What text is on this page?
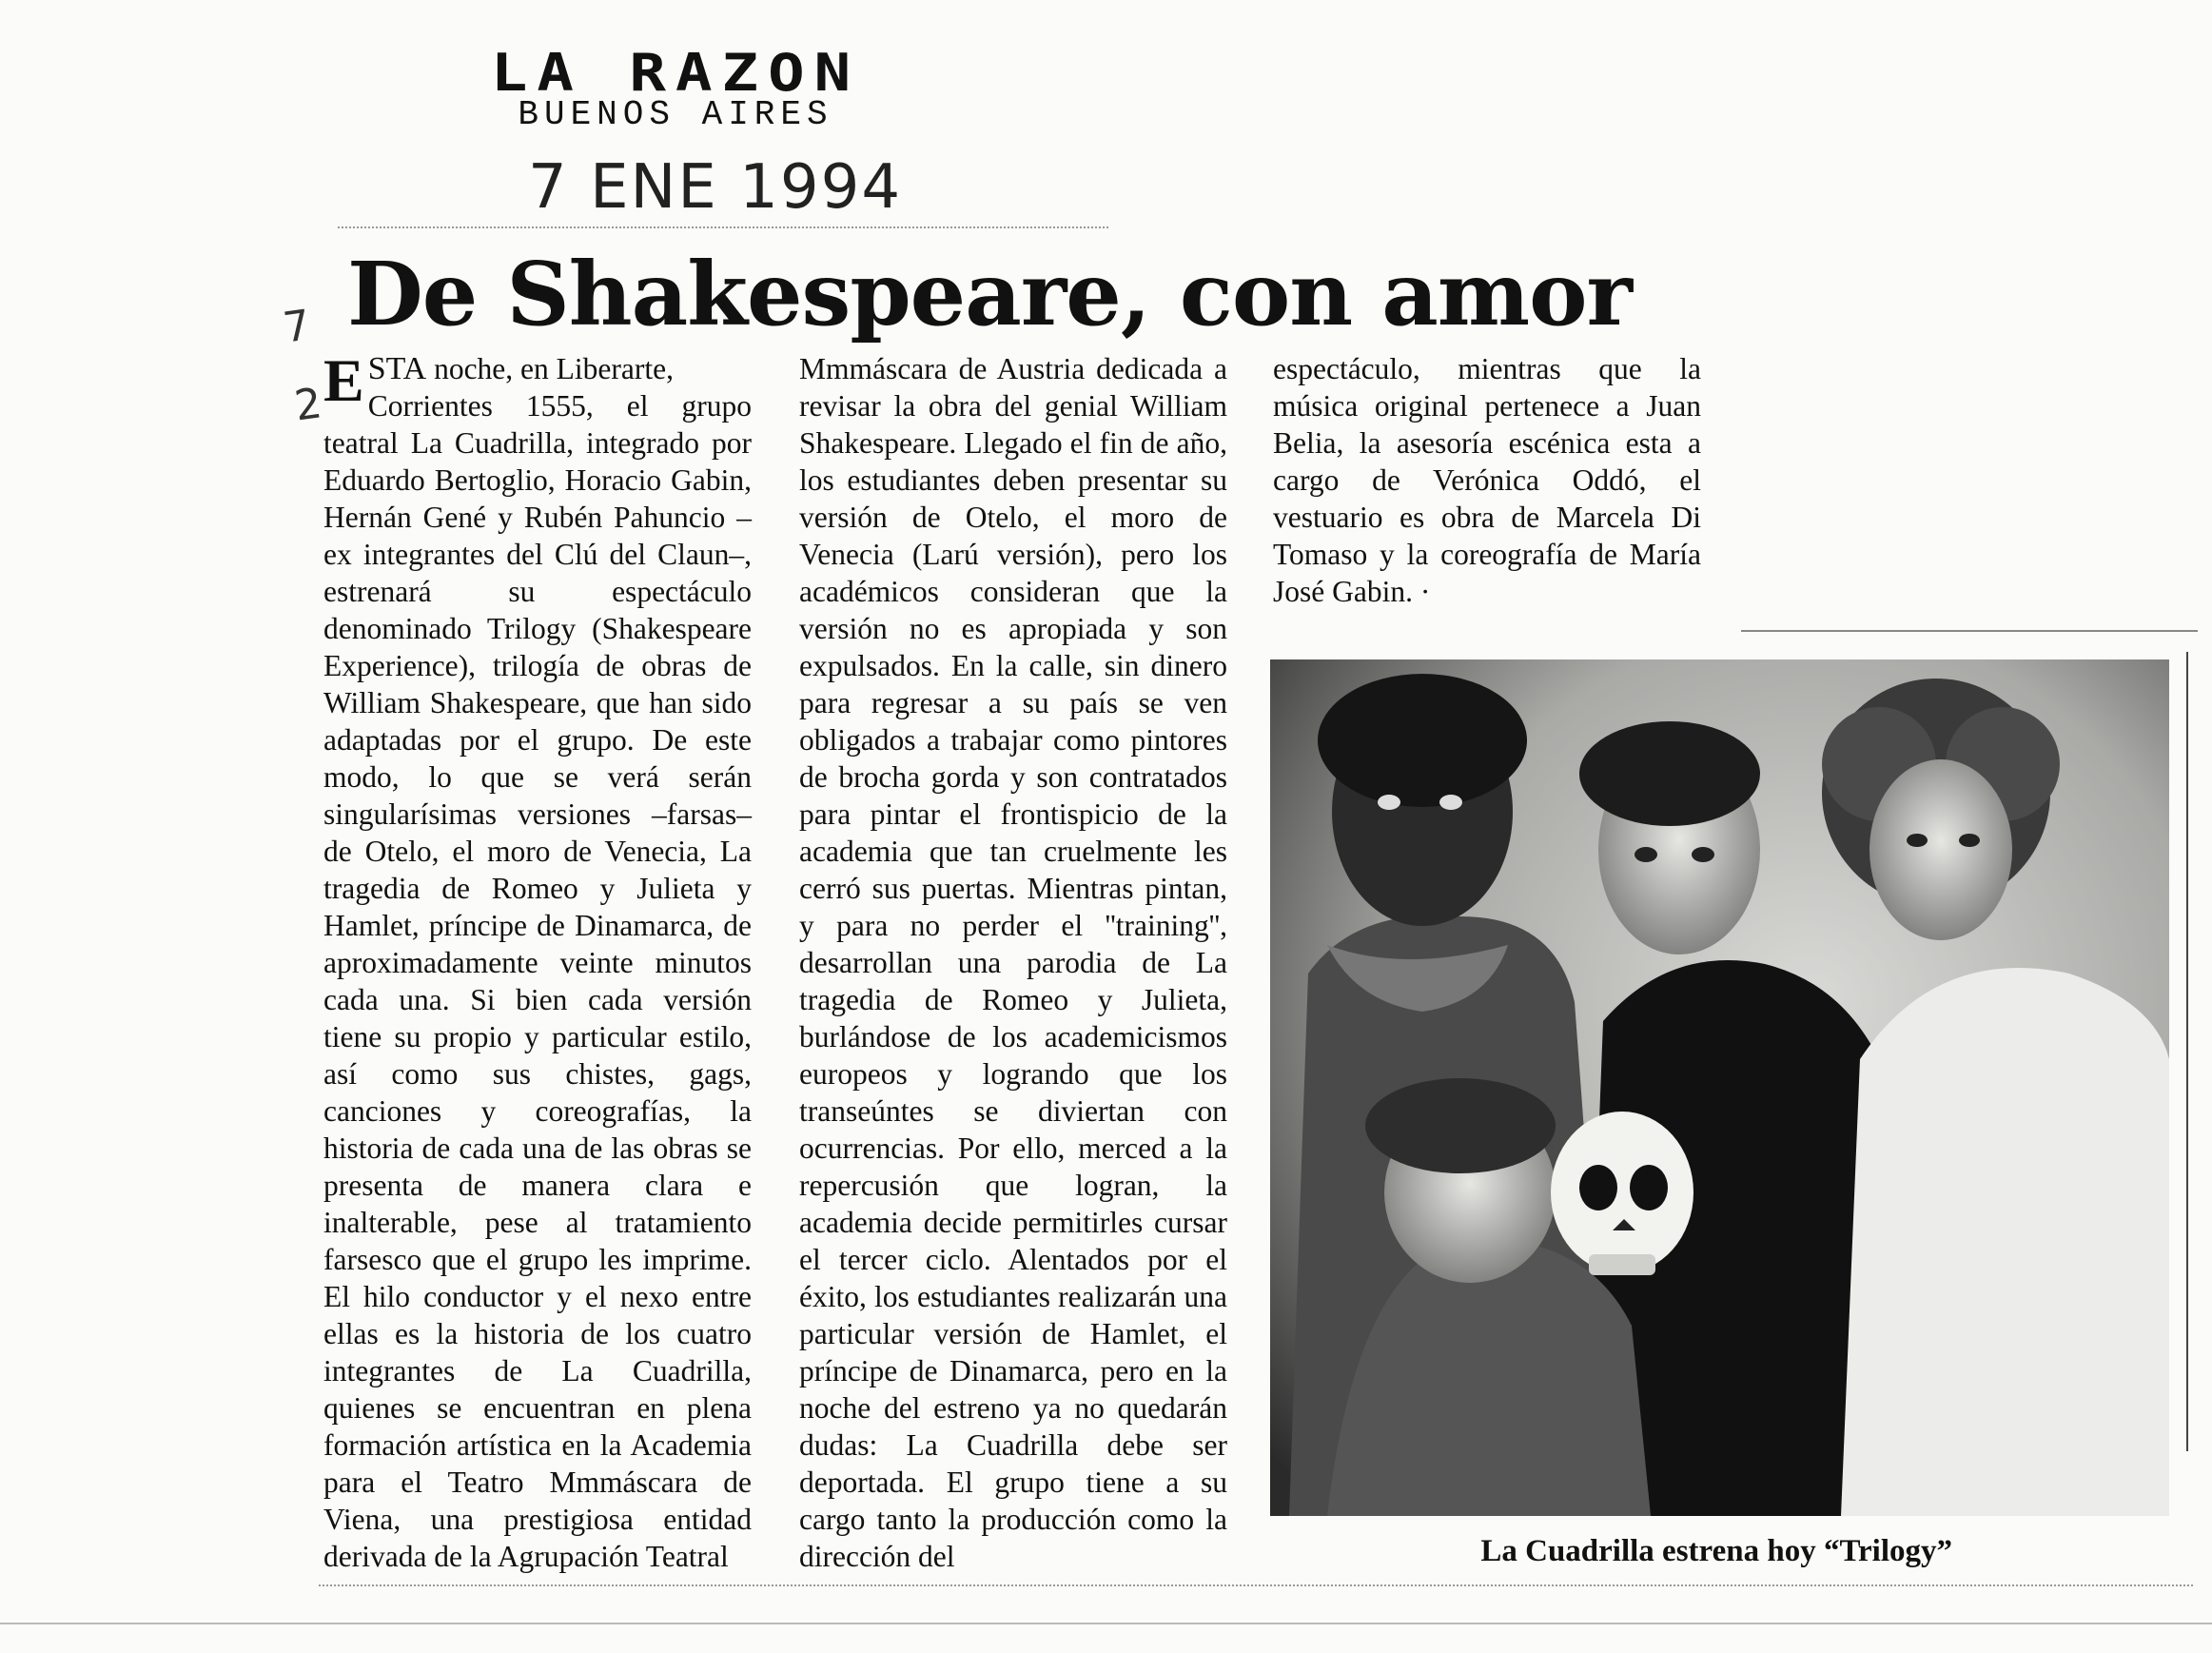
LA RAZON
BUENOS AIRES
7 ENE 1994
7
2
De Shakespeare, con amor
ESTA noche, en Liberarte,
Corrientes 1555, el grupo teatral La Cuadrilla, integrado por Eduardo Bertoglio, Horacio Gabin, Hernán Gené y Rubén Pahuncio –ex integrantes del Clú del Claun–, estrenará su espectáculo denominado Trilogy (Shakespeare Experience), trilogía de obras de William Shakespeare, que han sido adaptadas por el grupo. De este modo, lo que se verá serán singularísimas versiones –farsas– de Otelo, el moro de Venecia, La tragedia de Romeo y Julieta y Hamlet, príncipe de Dinamarca, de aproximadamente veinte minutos cada una. Si bien cada versión tiene su propio y particular estilo, así como sus chistes, gags, canciones y coreografías, la historia de cada una de las obras se presenta de manera clara e inalterable, pese al tratamiento farsesco que el grupo les imprime. El hilo conductor y el nexo entre ellas es la historia de los cuatro integrantes de La Cuadrilla, quienes se encuentran en plena formación artística en la Academia para el Teatro Mmmáscara de Viena, una prestigiosa entidad derivada de la Agrupación Teatral
Mmmáscara de Austria dedicada a revisar la obra del genial William Shakespeare. Llegado el fin de año, los estudiantes deben presentar su versión de Otelo, el moro de Venecia (Larú versión), pero los académicos consideran que la versión no es apropiada y son expulsados. En la calle, sin dinero para regresar a su país se ven obligados a trabajar como pintores de brocha gorda y son contratados para pintar el frontispicio de la academia que tan cruelmente les cerró sus puertas. Mientras pintan, y para no perder el ''training'', desarrollan una parodia de La tragedia de Romeo y Julieta, burlándose de los academicismos europeos y logrando que los transeúntes se diviertan con ocurrencias. Por ello, merced a la repercusión que logran, la academia decide permitirles cursar el tercer ciclo. Alentados por el éxito, los estudiantes realizarán una particular versión de Hamlet, el príncipe de Dinamarca, pero en la noche del estreno ya no quedarán dudas: La Cuadrilla debe ser deportada. El grupo tiene a su cargo tanto la producción como la dirección del
espectáculo, mientras que la música original pertenece a Juan Belia, la asesoría escénica esta a cargo de Verónica Oddó, el vestuario es obra de Marcela Di Tomaso y la coreografía de María José Gabin. ·
La Cuadrilla estrena hoy “Trilogy”
